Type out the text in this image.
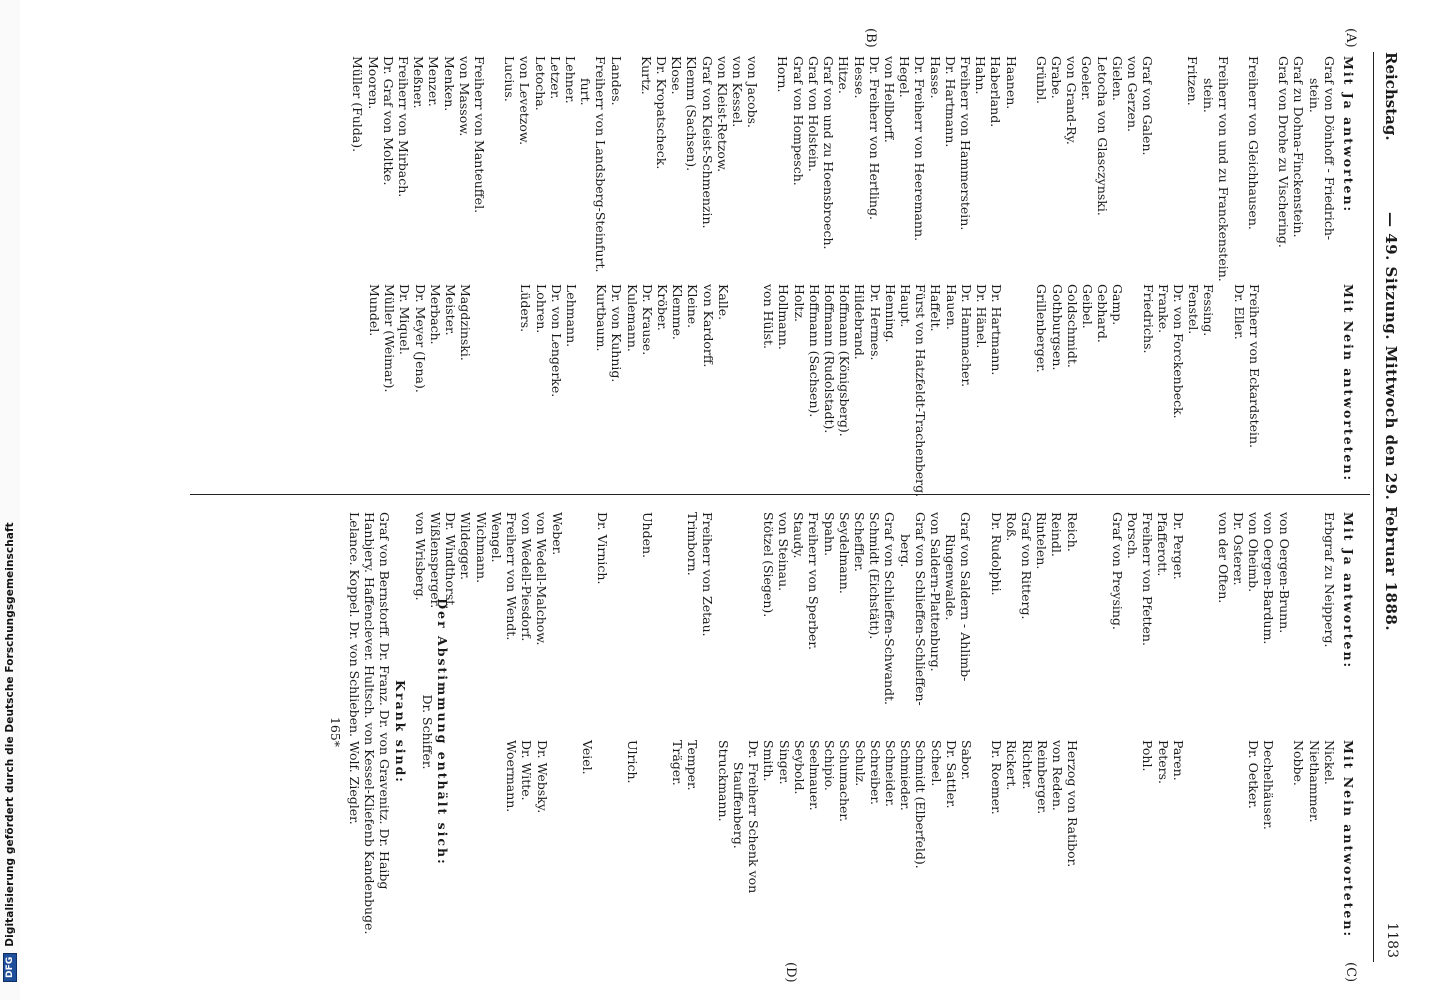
DFG
Digitalisierung gefördert durch die Deutsche Forschungsgemeinschaft
Reichstag.
— 49. Sitzung. Mittwoch den 29. Februar 1888.
1183
(A)
(B)
(C)
(D)
Mit Ja antworten:
Graf von Dönhoff - Friedrich-
stein.
Graf zu Dohna-Finckenstein.
Graf von Drohe zu Vischering.
Freiherr von Gleichhausen.
Freiherr von und zu Franckenstein.
stein.
Fritzen.
Graf von Galen.
von Gerzen.
Gielen.
Letocha von Glasczynski.
Goeler.
von Grand-Ry.
Grabe.
Grünbl.
Haanen.
Haberland.
Hahn.
Freiherr von Hammerstein.
Dr. Hartmann.
Hasse.
Dr. Freiherr von Heeremann.
Hegel.
von Hellborff.
Dr. Freiherr von Hertling.
Hesse.
Hitze.
Graf von und zu Hoensbroech.
Graf von Holstein.
Graf von Hompesch.
Horn.
von Jacobs.
von Kessel.
von Kleist-Retzow.
Graf von Kleist-Schmenzin.
Klemm (Sachsen).
Klose.
Dr. Kropatscheck.
Kurtz.
Landes.
Freiherr von Landsberg-Steinfurt.
furt.
Lehner.
Letzer.
Letocha.
von Levetzow.
Lucius.
Freiherr von Manteuffel.
von Massow.
Menken.
Menzer.
Meßner.
Freiherr von Mirbach.
Dr. Graf von Moltke.
Mooren.
Müller (Fulda).
Mit Nein antworteten:
Freiherr von Eckardstein.
Dr. Eller.
Fessing.
Fenstel.
Dr. von Forckenbeck.
Franke.
Friedrichs.
Gamp.
Gebhard.
Geibel.
Goldschmidt.
Gothburgsen.
Grillenberger.
Dr. Hartmann.
Dr. Hänel.
Dr. Hammacher.
Hauen.
Haffelt.
Fürst von Hatzfeldt-Trachenberg.
Haupt.
Henning.
Dr. Hermes.
Hildebrand.
Hoffmann (Königsberg).
Hoffmann (Rudolstadt).
Hoffmann (Sachsen).
Holtz.
Hollmann.
von Hülst.
Kalle.
von Kardorff.
Kleine.
Klemme.
Kröber.
Dr. Krause.
Kulemann.
Dr. von Kuhnig.
Kurtbaum.
Lehmann.
Dr. von Lengerke.
Lohren.
Lüders.
Magdzinski.
Meister.
Merbach.
Dr. Meyer (Jena).
Dr. Miquel.
Müller (Weimar).
Mundel.
Mit Ja antworten:
Erbgraf zu Neipperg.
von Oergen-Brunn.
von Oergen-Bardum.
von Oheimb.
Dr. Osterer.
von der Often.
Dr. Perger.
Pfafferott.
Freiherr von Pfetten.
Porsch.
Graf von Preysing.
Reich.
Reindl.
Rintelen.
Graf von Ritterg.
Roß.
Dr. Rudolphi.
Graf von Saldern - Ahlimb-
Ringenwalde.
von Saldern-Plattenburg.
Graf von Schlieffen-Schlieffen-
berg.
Graf von Schlieffen-Schwandt.
Schmidt (Eichstätt).
Scheffler.
Seydelmann.
Spahn.
Freiherr von Sperber.
Staudy.
von Steinau.
Stötzel (Siegen).
Freiherr von Zetau.
Trimborn.
Uhden.
Dr. Virnich.
Weber.
von Wedell-Malchow.
von Wedell-Piesdorf.
Freiherr von Wendt.
Wengel.
Wichmann.
Wildegger.
Dr. Windthorst.
Wißlensperger.
von Wrisberg.
Mit Nein antworteten:
Nickel.
Niethammer.
Nobbe.
Dechelhäuser.
Dr. Oetker.
Paren.
Peters.
Pohl.
Herzog von Ratibor.
von Reden.
Reinberger.
Richter.
Rickert.
Dr. Roemer.
Sabor.
Dr. Sattler.
Scheel.
Schmidt (Elberfeld).
Schmieder.
Schneider.
Schreiber.
Schulz.
Schumacher.
Schipio.
Seelmauer.
Seybold.
Singer.
Smith.
Dr. Freiherr Schenk von
Stauffenberg.
Struckmann.
Temper.
Träger.
Ulrich.
Veiel.
Dr. Websky.
Dr. Witte.
Woermann.
Der Abstimmung enthält sich:
Dr. Schiffer.
Krank sind:
Graf von Bernstorff. Dr. Franz. Dr. von Gravenitz. Dr. Haibg
Hanbjery. Haffenclever. Hultsch. von Kessel-Kliefenb Kandenbuge.
Lelance. Koppel. Dr. von Schlieben. Wolf. Ziegler.
165*
